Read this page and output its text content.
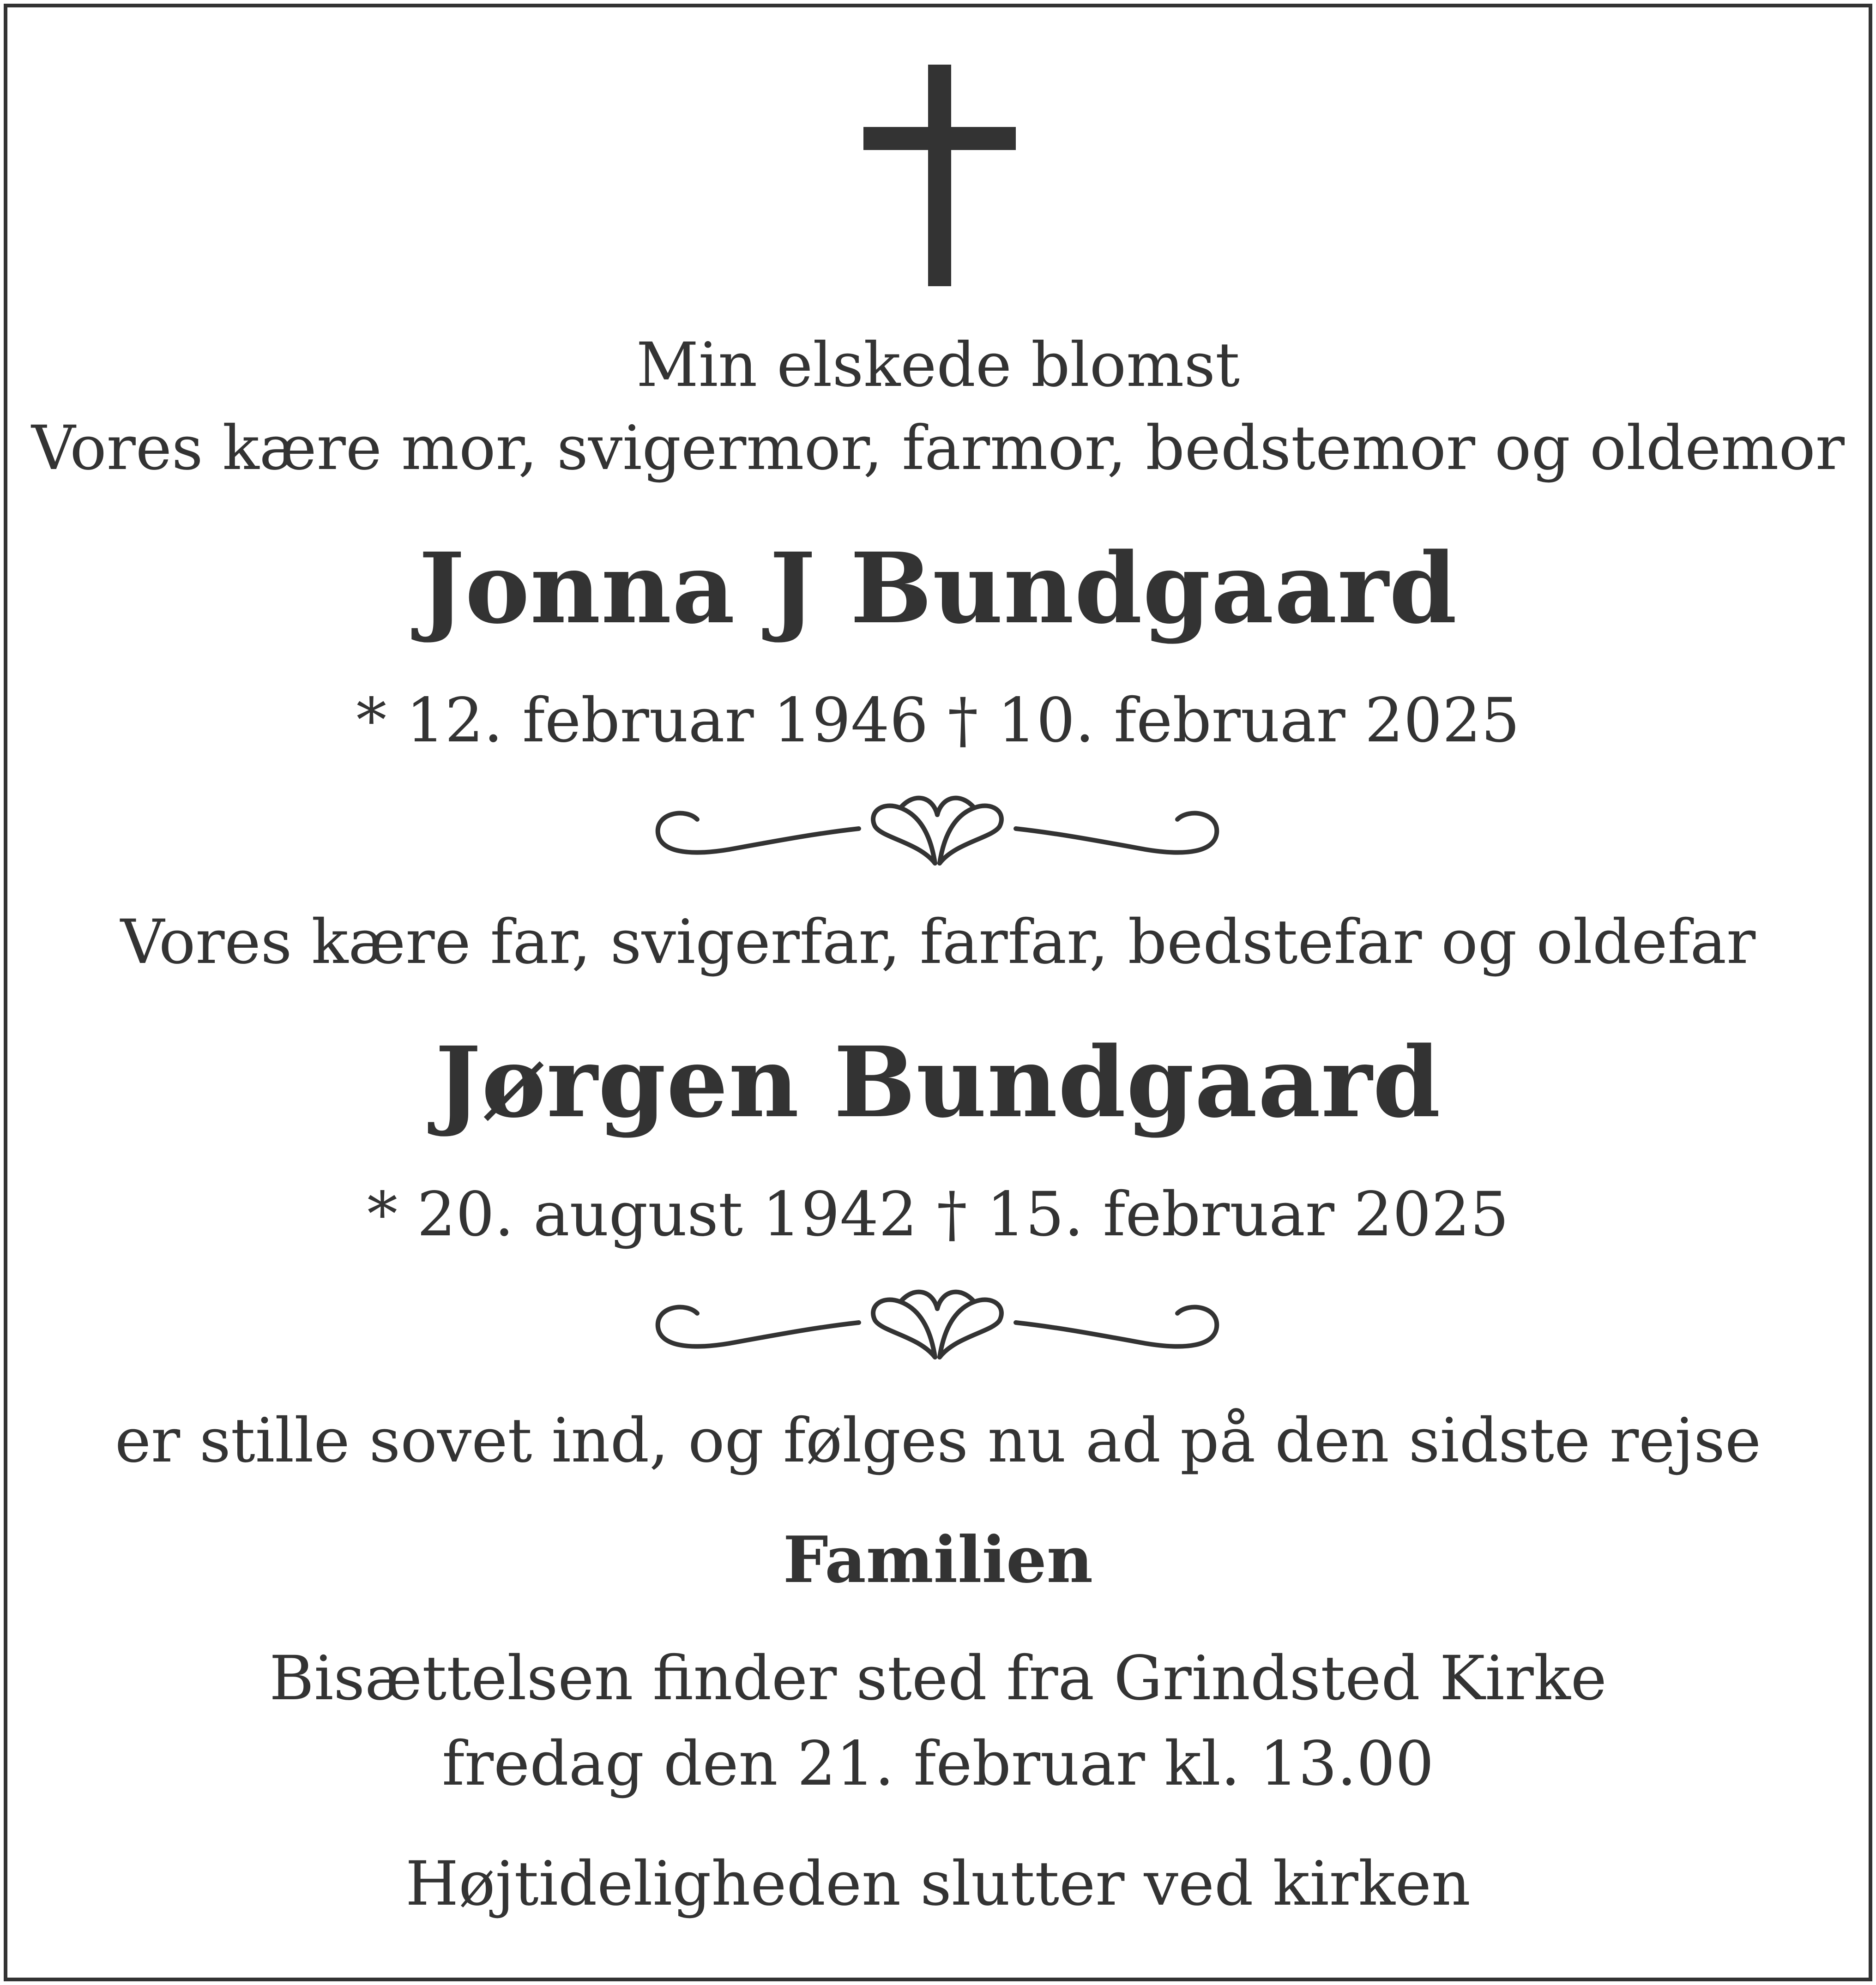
Min elskede blomst
Vores kære mor, svigermor, farmor, bedstemor og oldemor
Jonna J Bundgaard
* 12. februar 1946 † 10. februar 2025
Vores kære far, svigerfar, farfar, bedstefar og oldefar
Jørgen Bundgaard
* 20. august 1942 † 15. februar 2025
er stille sovet ind, og følges nu ad på den sidste rejse
Familien
Bisættelsen finder sted fra Grindsted Kirke
fredag den 21. februar kl. 13.00
Højtideligheden slutter ved kirken
